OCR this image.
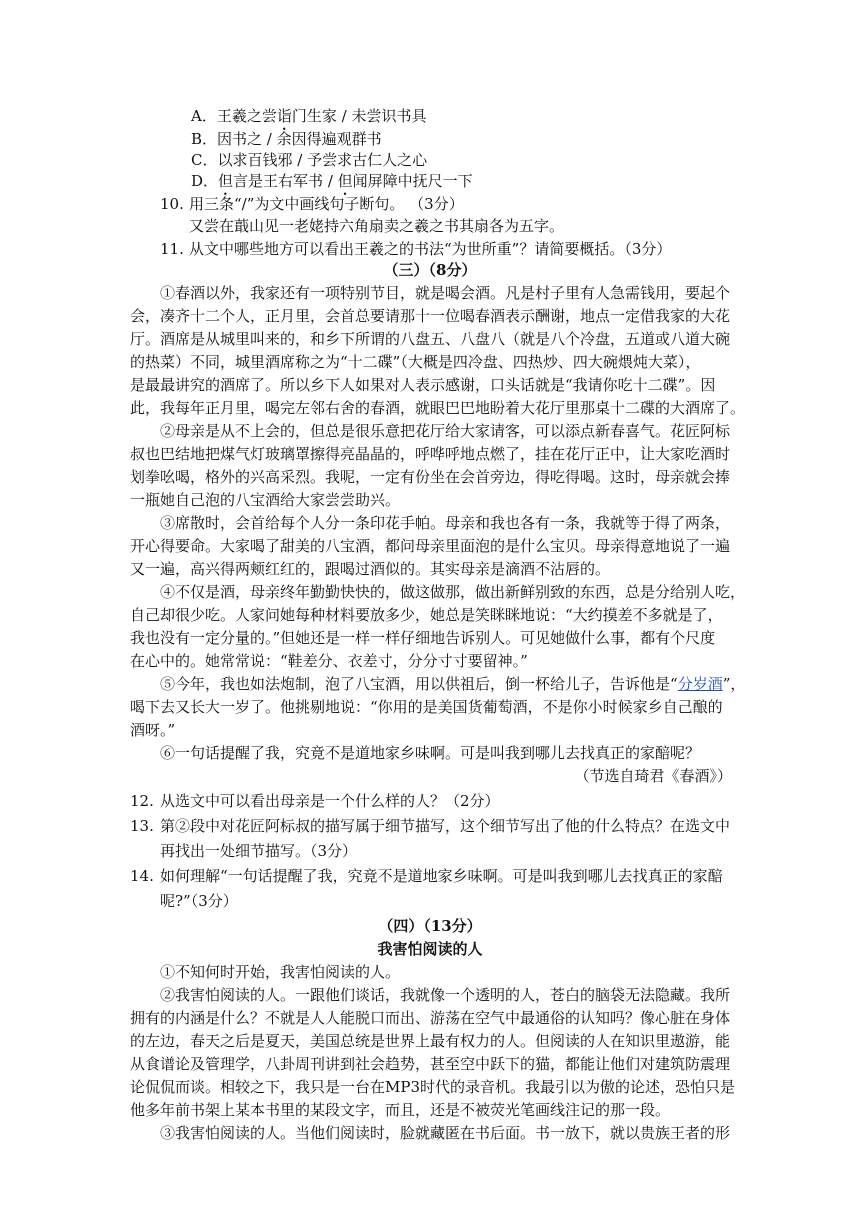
A．王羲之尝诣门生家 / 未尝识书具
B．因书之 / 余因得遍观群书
C．以求百钱邪 / 予尝求古仁人之心
D．但言是王右军书 / 但闻屏障中抚尺一下
10. 用三条“/”为文中画线句子断句。 （3分）
又尝在蕺山见一老姥持六角扇卖之羲之书其扇各为五字。
11. 从文中哪些地方可以看出王羲之的书法“为世所重”？请简要概括。（3分）
（三）（8分）
①春酒以外，我家还有一项特别节目，就是喝会酒。凡是村子里有人急需钱用，要起个
会，凑齐十二个人，正月里，会首总要请那十一位喝春酒表示酬谢，地点一定借我家的大花
厅。酒席是从城里叫来的，和乡下所谓的八盘五、八盘八（就是八个冷盘，五道或八道大碗
的热菜）不同，城里酒席称之为“十二碟”（大概是四冷盘、四热炒、四大碗煨炖大菜），
是最最讲究的酒席了。所以乡下人如果对人表示感谢，口头话就是“我请你吃十二碟”。因
此，我每年正月里，喝完左邻右舍的春酒，就眼巴巴地盼着大花厅里那桌十二碟的大酒席了。
②母亲是从不上会的，但总是很乐意把花厅给大家请客，可以添点新春喜气。花匠阿标
叔也巴结地把煤气灯玻璃罩擦得亮晶晶的，呼哗呼地点燃了，挂在花厅正中，让大家吃酒时
划拳吆喝，格外的兴高采烈。我呢，一定有份坐在会首旁边，得吃得喝。这时，母亲就会捧
一瓶她自己泡的八宝酒给大家尝尝助兴。
③席散时，会首给每个人分一条印花手帕。母亲和我也各有一条，我就等于得了两条，
开心得要命。大家喝了甜美的八宝酒，都问母亲里面泡的是什么宝贝。母亲得意地说了一遍
又一遍，高兴得两颊红红的，跟喝过酒似的。其实母亲是滴酒不沾唇的。
④不仅是酒，母亲终年勤勤快快的，做这做那，做出新鲜别致的东西，总是分给别人吃，
自己却很少吃。人家问她每种材料要放多少，她总是笑眯眯地说：“大约摸差不多就是了，
我也没有一定分量的。”但她还是一样一样仔细地告诉别人。可见她做什么事，都有个尺度
在心中的。她常常说：“鞋差分、衣差寸，分分寸寸要留神。”
⑤今年，我也如法炮制，泡了八宝酒，用以供祖后，倒一杯给儿子，告诉他是“分岁酒”，
喝下去又长大一岁了。他挑剔地说：“你用的是美国货葡萄酒，不是你小时候家乡自己酿的
酒呀。”
⑥一句话提醒了我，究竟不是道地家乡味啊。可是叫我到哪儿去找真正的家醅呢？
（节选自琦君《春酒》）
12. 从选文中可以看出母亲是一个什么样的人？（2分）
13. 第②段中对花匠阿标叔的描写属于细节描写，这个细节写出了他的什么特点？在选文中
再找出一处细节描写。（3分）
14. 如何理解“一句话提醒了我，究竟不是道地家乡味啊。可是叫我到哪儿去找真正的家醅
呢?”（3分）
（四）（13分）
我害怕阅读的人
①不知何时开始，我害怕阅读的人。
②我害怕阅读的人。一跟他们谈话，我就像一个透明的人，苍白的脑袋无法隐藏。我所
拥有的内涵是什么？不就是人人能脱口而出、游荡在空气中最通俗的认知吗？像心脏在身体
的左边，春天之后是夏天，美国总统是世界上最有权力的人。但阅读的人在知识里遨游，能
从食谱论及管理学，八卦周刊讲到社会趋势，甚至空中跃下的猫，都能让他们对建筑防震理
论侃侃而谈。相较之下，我只是一台在MP3时代的录音机。我最引以为傲的论述，恐怕只是
他多年前书架上某本书里的某段文字，而且，还是不被荧光笔画线注记的那一段。
③我害怕阅读的人。当他们阅读时，脸就藏匿在书后面。书一放下，就以贵族王者的形
